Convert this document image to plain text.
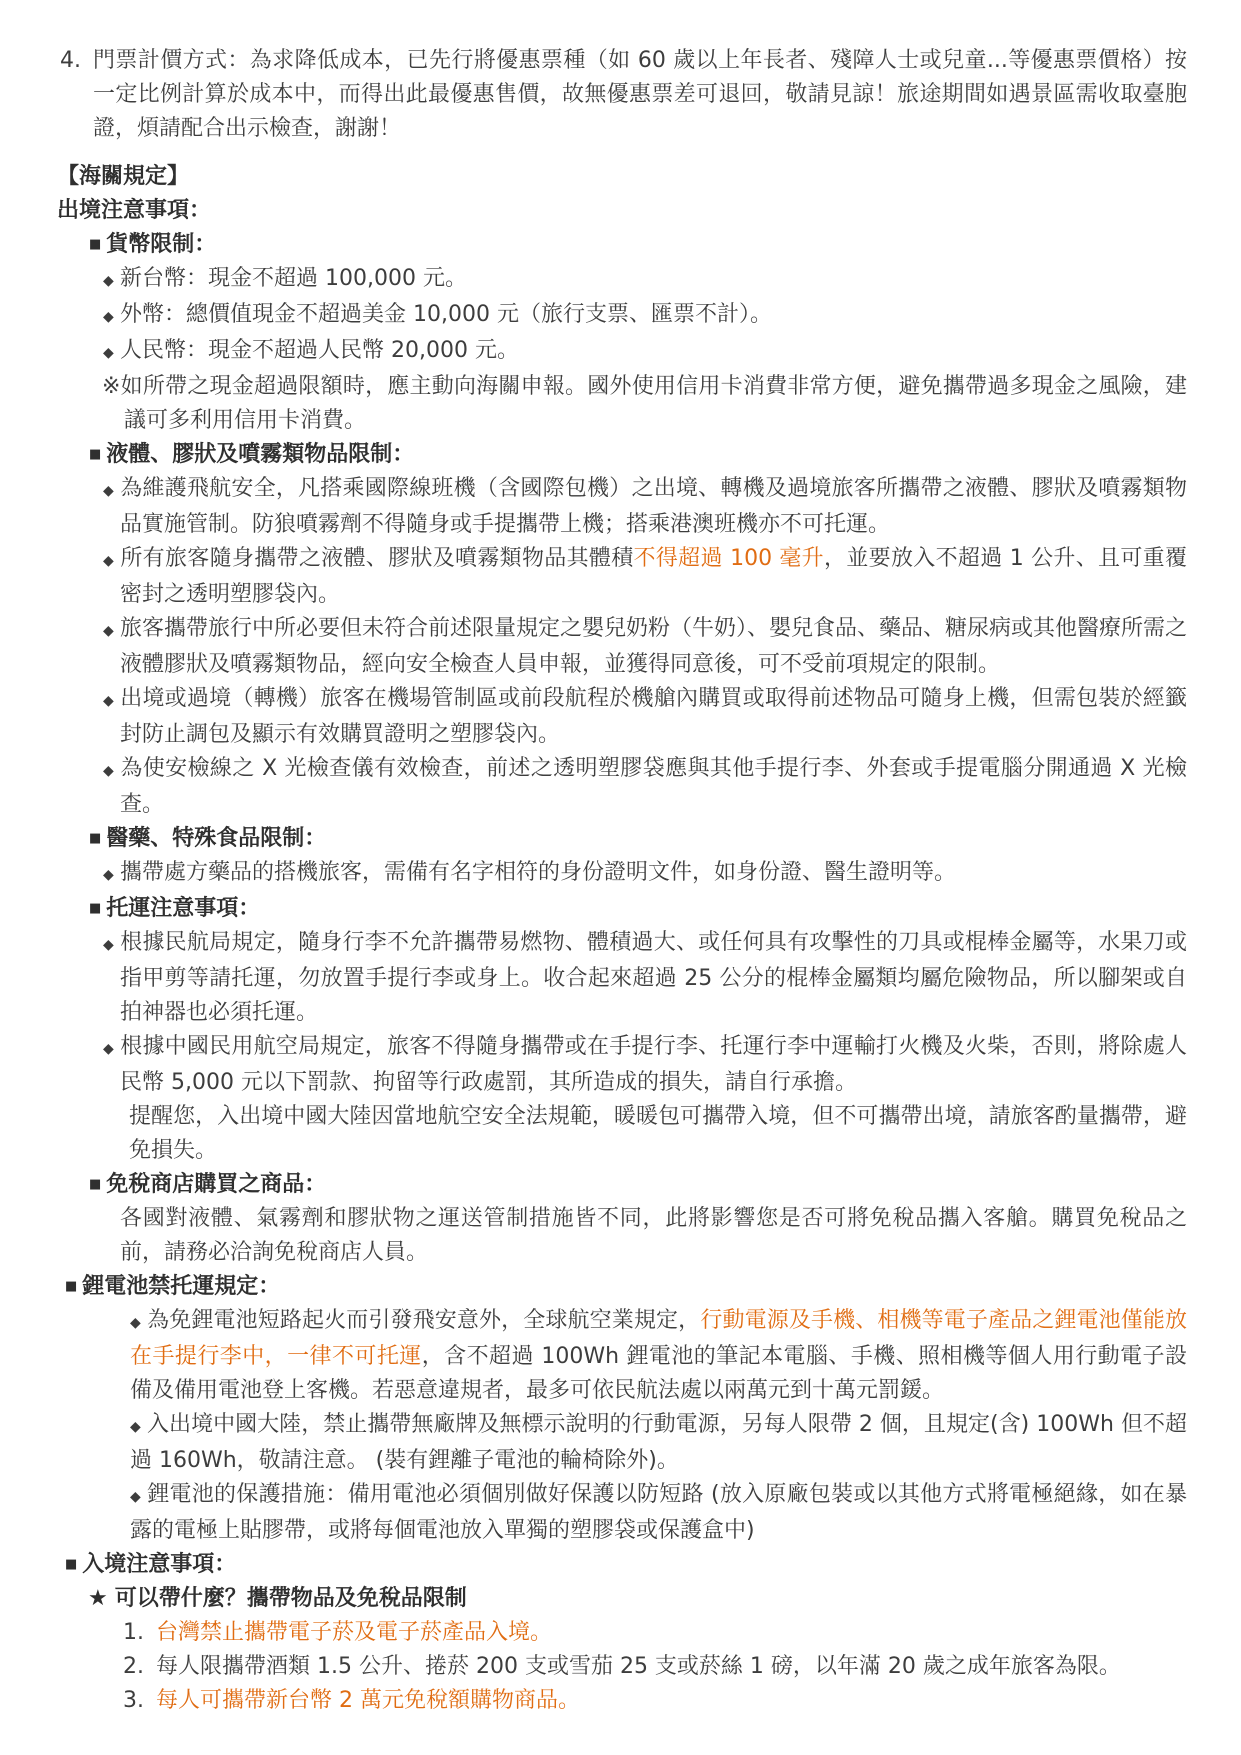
4. 門票計價方式：為求降低成本，已先行將優惠票種（如 60 歲以上年長者、殘障人士或兒童...等優惠票價格）按一定比例計算於成本中，而得出此最優惠售價，故無優惠票差可退回，敬請見諒！旅途期間如遇景區需收取臺胞證，煩請配合出示檢查，謝謝！

【海關規定】

出境注意事項：

■ 貨幣限制：

◆ 新台幣：現金不超過 100,000 元。

◆ 外幣：總價值現金不超過美金 10,000 元（旅行支票、匯票不計）。

◆ 人民幣：現金不超過人民幣 20,000 元。

※如所帶之現金超過限額時，應主動向海關申報。國外使用信用卡消費非常方便，避免攜帶過多現金之風險，建議可多利用信用卡消費。

■ 液體、膠狀及噴霧類物品限制：

◆ 為維護飛航安全，凡搭乘國際線班機（含國際包機）之出境、轉機及過境旅客所攜帶之液體、膠狀及噴霧類物品實施管制。防狼噴霧劑不得隨身或手提攜帶上機；搭乘港澳班機亦不可托運。

◆ 所有旅客隨身攜帶之液體、膠狀及噴霧類物品其體積不得超過 100 毫升，並要放入不超過 1 公升、且可重覆密封之透明塑膠袋內。

◆ 旅客攜帶旅行中所必要但未符合前述限量規定之嬰兒奶粉（牛奶）、嬰兒食品、藥品、糖尿病或其他醫療所需之液體膠狀及噴霧類物品，經向安全檢查人員申報，並獲得同意後，可不受前項規定的限制。

◆ 出境或過境（轉機）旅客在機場管制區或前段航程於機艙內購買或取得前述物品可隨身上機，但需包裝於經籤封防止調包及顯示有效購買證明之塑膠袋內。

◆ 為使安檢線之 X 光檢查儀有效檢查，前述之透明塑膠袋應與其他手提行李、外套或手提電腦分開通過 X 光檢查。

■ 醫藥、特殊食品限制：

◆ 攜帶處方藥品的搭機旅客，需備有名字相符的身份證明文件，如身份證、醫生證明等。

■ 托運注意事項：

◆ 根據民航局規定，隨身行李不允許攜帶易燃物、體積過大、或任何具有攻擊性的刀具或棍棒金屬等，水果刀或指甲剪等請托運，勿放置手提行李或身上。收合起來超過 25 公分的棍棒金屬類均屬危險物品，所以腳架或自拍神器也必須托運。

◆ 根據中國民用航空局規定，旅客不得隨身攜帶或在手提行李、托運行李中運輸打火機及火柴，否則，將除處人民幣 5,000 元以下罰款、拘留等行政處罰，其所造成的損失，請自行承擔。

提醒您，入出境中國大陸因當地航空安全法規範，暖暖包可攜帶入境，但不可攜帶出境，請旅客酌量攜帶，避免損失。

■ 免稅商店購買之商品：

各國對液體、氣霧劑和膠狀物之運送管制措施皆不同，此將影響您是否可將免稅品攜入客艙。購買免稅品之前，請務必洽詢免稅商店人員。

■ 鋰電池禁托運規定：

◆ 為免鋰電池短路起火而引發飛安意外，全球航空業規定，行動電源及手機、相機等電子產品之鋰電池僅能放在手提行李中，一律不可托運，含不超過 100Wh 鋰電池的筆記本電腦、手機、照相機等個人用行動電子設備及備用電池登上客機。若惡意違規者，最多可依民航法處以兩萬元到十萬元罰鍰。

◆ 入出境中國大陸，禁止攜帶無廠牌及無標示說明的行動電源，另每人限帶 2 個，且規定(含) 100Wh 但不超過 160Wh，敬請注意。 (裝有鋰離子電池的輪椅除外)。

◆ 鋰電池的保護措施：備用電池必須個別做好保護以防短路 (放入原廠包裝或以其他方式將電極絕緣，如在暴露的電極上貼膠帶，或將每個電池放入單獨的塑膠袋或保護盒中)

■ 入境注意事項：

★ 可以帶什麼？攜帶物品及免稅品限制

1. 台灣禁止攜帶電子菸及電子菸產品入境。

2. 每人限攜帶酒類 1.5 公升、捲菸 200 支或雪茄 25 支或菸絲 1 磅，以年滿 20 歲之成年旅客為限。

3. 每人可攜帶新台幣 2 萬元免稅額購物商品。
